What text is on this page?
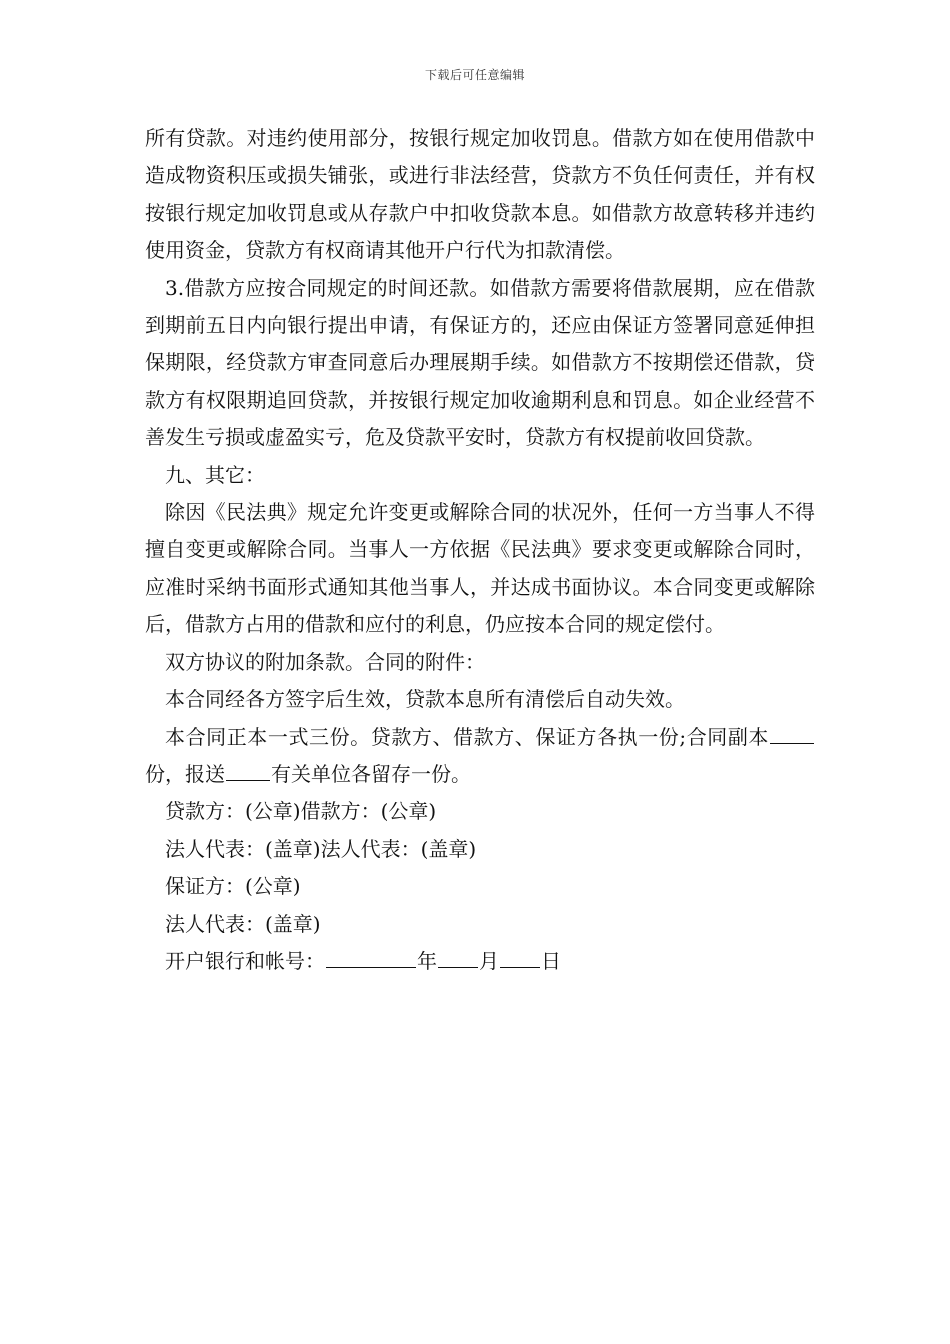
下载后可任意编辑

所有贷款。对违约使用部分，按银行规定加收罚息。借款方如在使用借款中造成物资积压或损失铺张，或进行非法经营，贷款方不负任何责任，并有权按银行规定加收罚息或从存款户中扣收贷款本息。如借款方故意转移并违约使用资金，贷款方有权商请其他开户行代为扣款清偿。

3.借款方应按合同规定的时间还款。如借款方需要将借款展期，应在借款到期前五日内向银行提出申请，有保证方的，还应由保证方签署同意延伸担保期限，经贷款方审查同意后办理展期手续。如借款方不按期偿还借款，贷款方有权限期追回贷款，并按银行规定加收逾期利息和罚息。如企业经营不善发生亏损或虚盈实亏，危及贷款平安时，贷款方有权提前收回贷款。

九、其它：

除因《民法典》规定允许变更或解除合同的状况外，任何一方当事人不得擅自变更或解除合同。当事人一方依据《民法典》要求变更或解除合同时，应准时采纳书面形式通知其他当事人，并达成书面协议。本合同变更或解除后，借款方占用的借款和应付的利息，仍应按本合同的规定偿付。

双方协议的附加条款。合同的附件：

本合同经各方签字后生效，贷款本息所有清偿后自动失效。

本合同正本一式三份。贷款方、借款方、保证方各执一份;合同副本份，报送 有关单位各留存一份。

贷款方：(公章)借款方：(公章)

法人代表：(盖章)法人代表：(盖章)

保证方：(公章)

法人代表：(盖章)

开户银行和帐号：	年 月 日
